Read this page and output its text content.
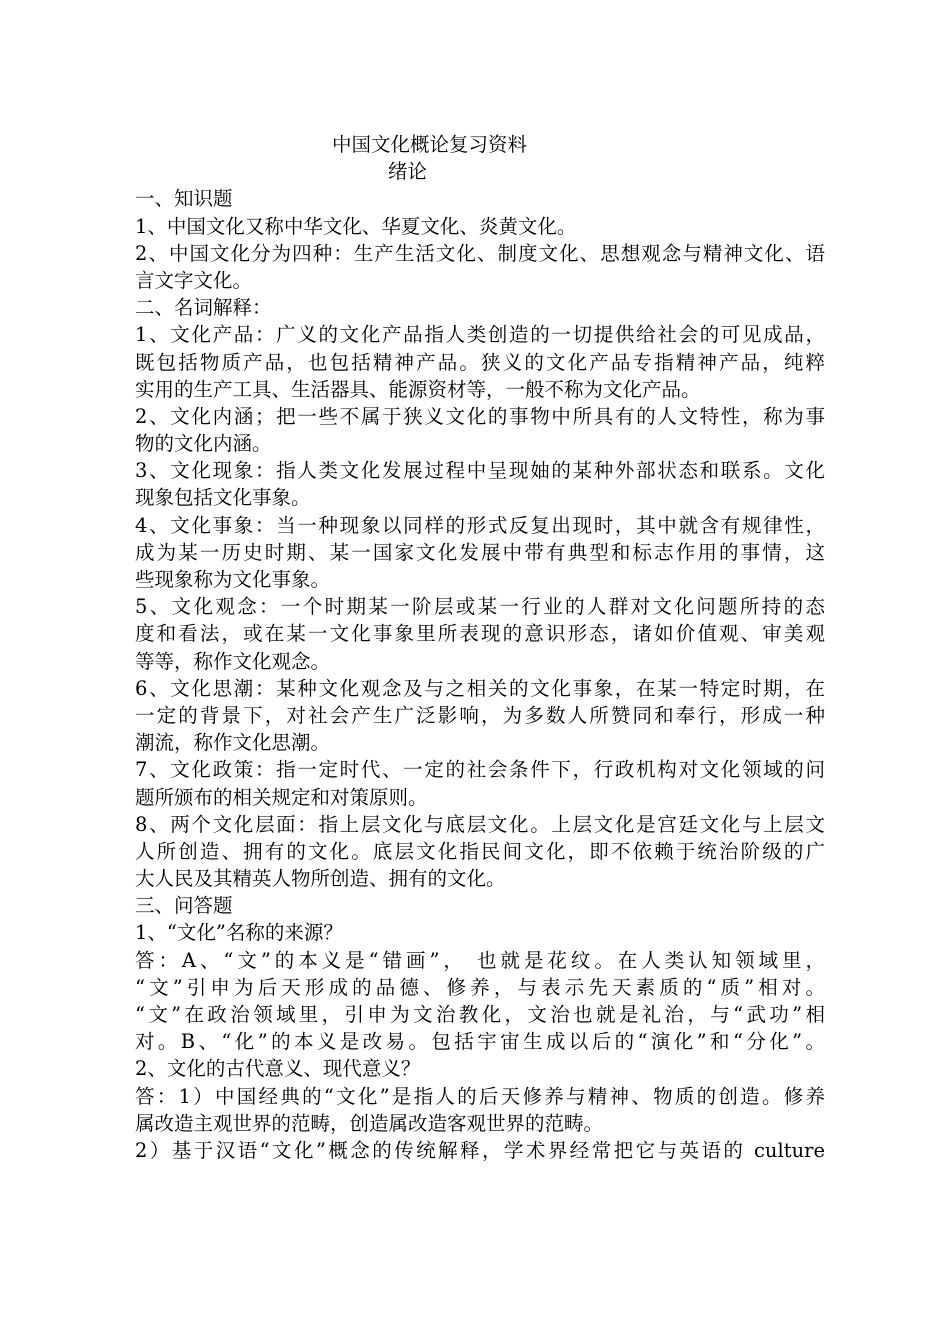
中国文化概论复习资料
绪论
一、知识题
1、中国文化又称中华文化、华夏文化、炎黄文化。
2、中国文化分为四种：生产生活文化、制度文化、思想观念与精神文化、语
言文字文化。
二、名词解释：
1、文化产品：广义的文化产品指人类创造的一切提供给社会的可见成品，
既包括物质产品，也包括精神产品。狭义的文化产品专指精神产品，纯粹
实用的生产工具、生活器具、能源资材等，一般不称为文化产品。
2、文化内涵；把一些不属于狭义文化的事物中所具有的人文特性，称为事
物的文化内涵。
3、文化现象：指人类文化发展过程中呈现妯的某种外部状态和联系。文化
现象包括文化事象。
4、文化事象：当一种现象以同样的形式反复出现时，其中就含有规律性，
成为某一历史时期、某一国家文化发展中带有典型和标志作用的事情，这
些现象称为文化事象。
5、文化观念：一个时期某一阶层或某一行业的人群对文化问题所持的态
度和看法，或在某一文化事象里所表现的意识形态，诸如价值观、审美观
等等，称作文化观念。
6、文化思潮：某种文化观念及与之相关的文化事象，在某一特定时期，在
一定的背景下，对社会产生广泛影响，为多数人所赞同和奉行，形成一种
潮流，称作文化思潮。
7、文化政策：指一定时代、一定的社会条件下，行政机构对文化领域的问
题所颁布的相关规定和对策原则。
8、两个文化层面：指上层文化与底层文化。上层文化是宫廷文化与上层文
人所创造、拥有的文化。底层文化指民间文化，即不依赖于统治阶级的广
大人民及其精英人物所创造、拥有的文化。
三、问答题
1、“文化”名称的来源？
答：A、“文”的本义是“错画”， 也就是花纹。在人类认知领域里，
“文”引申为后天形成的品德、修养，与表示先天素质的“质”相对。
“文”在政治领域里，引申为文治教化，文治也就是礼治，与“武功”相
对。B、“化”的本义是改易。包括宇宙生成以后的“演化”和“分化”。
2、文化的古代意义、现代意义？
答：1）中国经典的“文化”是指人的后天修养与精神、物质的创造。修养
属改造主观世界的范畴，创造属改造客观世界的范畴。
2）基于汉语“文化”概念的传统解释，学术界经常把它与英语的 culture
